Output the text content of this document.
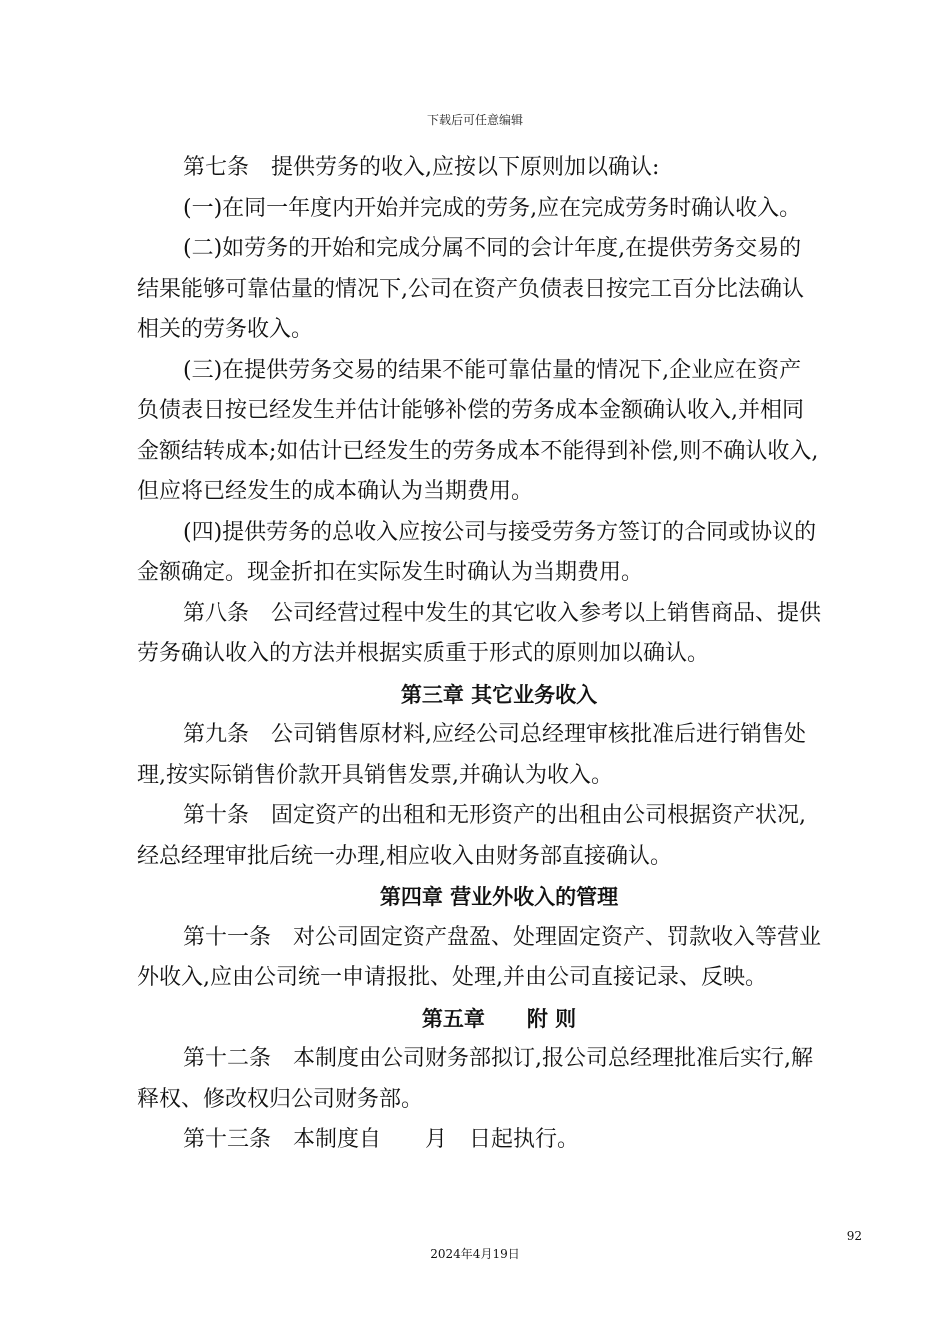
下载后可任意编辑
第七条　提供劳务的收入,应按以下原则加以确认:
(一)在同一年度内开始并完成的劳务,应在完成劳务时确认收入。
(二)如劳务的开始和完成分属不同的会计年度,在提供劳务交易的
结果能够可靠估量的情况下,公司在资产负债表日按完工百分比法确认
相关的劳务收入。
(三)在提供劳务交易的结果不能可靠估量的情况下,企业应在资产
负债表日按已经发生并估计能够补偿的劳务成本金额确认收入,并相同
金额结转成本;如估计已经发生的劳务成本不能得到补偿,则不确认收入,
但应将已经发生的成本确认为当期费用。
(四)提供劳务的总收入应按公司与接受劳务方签订的合同或协议的
金额确定。现金折扣在实际发生时确认为当期费用。
第八条　公司经营过程中发生的其它收入参考以上销售商品、提供
劳务确认收入的方法并根据实质重于形式的原则加以确认。
第三章 其它业务收入
第九条　公司销售原材料,应经公司总经理审核批准后进行销售处
理,按实际销售价款开具销售发票,并确认为收入。
第十条　固定资产的出租和无形资产的出租由公司根据资产状况,
经总经理审批后统一办理,相应收入由财务部直接确认。
第四章 营业外收入的管理
第十一条　对公司固定资产盘盈、处理固定资产、罚款收入等营业
外收入,应由公司统一申请报批、处理,并由公司直接记录、反映。
第五章　　附 则
第十二条　本制度由公司财务部拟订,报公司总经理批准后实行,解
释权、修改权归公司财务部。
第十三条　本制度自　　月　日起执行。
92
2024年4月19日
